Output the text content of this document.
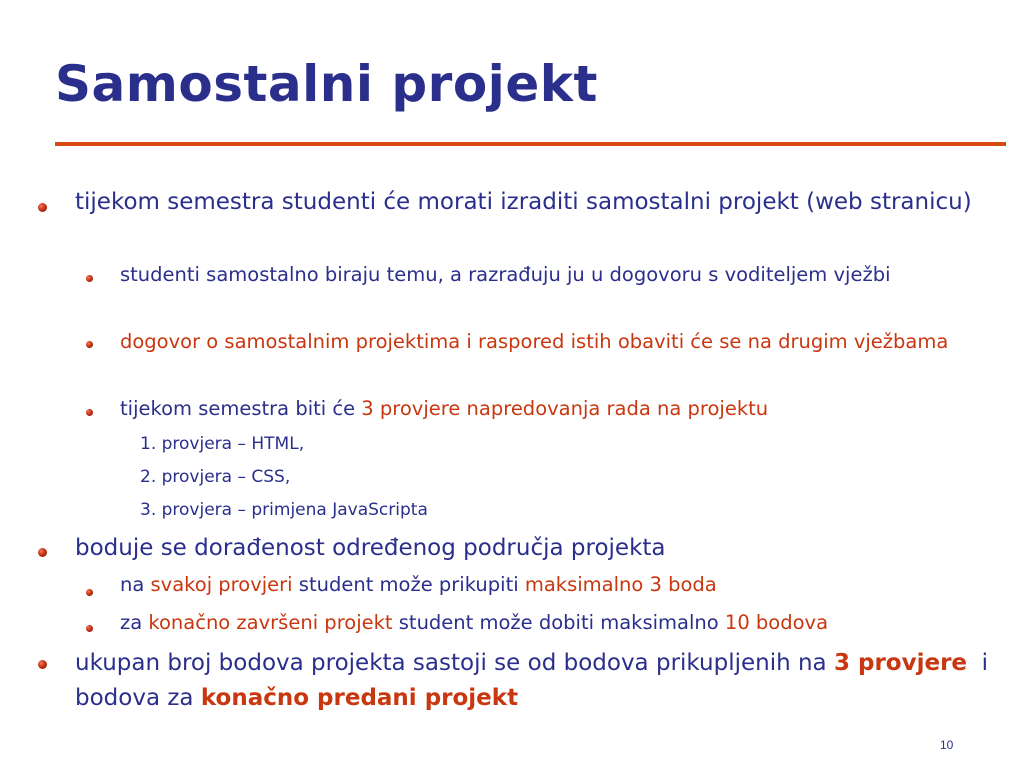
Samostalni projekt
tijekom semestra studenti će morati izraditi samostalni projekt (web stranicu)
studenti samostalno biraju temu, a razrađuju ju u dogovoru s voditeljem vježbi
dogovor o samostalnim projektima i raspored istih obaviti će se na drugim vježbama
tijekom semestra biti će 3 provjere napredovanja rada na projektu
1. provjera – HTML,
2. provjera – CSS,
3. provjera – primjena JavaScripta
boduje se dorađenost određenog područja projekta
na svakoj provjeri student može prikupiti maksimalno 3 boda
za konačno završeni projekt student može dobiti maksimalno 10 bodova
ukupan broj bodova projekta sastoji se od bodova prikupljenih na 3 provjere  i bodova za konačno predani projekt
10
